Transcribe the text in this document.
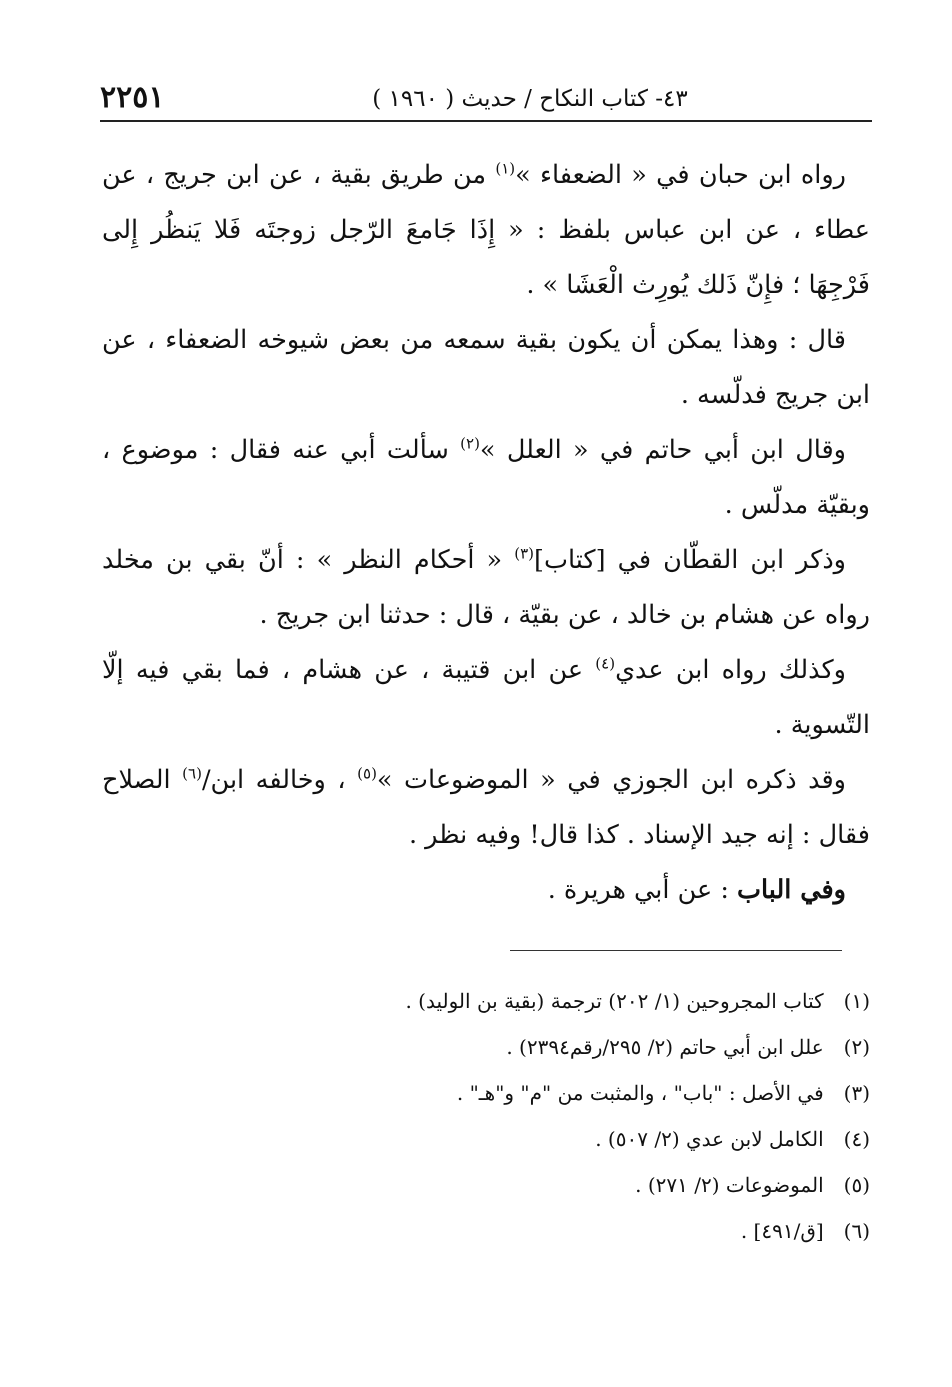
٢٢٥١	٤٣- كتاب النكاح / حديث ( ١٩٦٠ )

رواه ابن حبان في « الضعفاء »$^{(١)}$ من طريق بقية ، عن ابن جريج ، عن عطاء ، عن ابن عباس بلفظ : « إِذَا جَامعَ الرّجل زوجتَه فَلا يَنظُر إِلى فَرْجِهَا ؛ فإِنّ ذَلك يُورِث الْعَشَا » .

قال : وهذا يمكن أن يكون بقية سمعه من بعض شيوخه الضعفاء ، عن ابن جريج فدلّسه .

وقال ابن أبي حاتم في « العلل »$^{(٢)}$ سألت أبي عنه فقال : موضوع ، وبقيّة مدلّس .

وذكر ابن القطّان في [كتاب]$^{(٣)}$ « أحكام النظر » : أنّ بقي بن مخلد رواه عن هشام بن خالد ، عن بقيّة ، قال : حدثنا ابن جريج .

وكذلك رواه ابن عدي$^{(٤)}$ عن ابن قتيبة ، عن هشام ، فما بقي فيه إلّا التّسوية .

وقد ذكره ابن الجوزي في « الموضوعات »$^{(٥)}$ ، وخالفه ابن/$^{(٦)}$ الصلاح فقال : إنه جيد الإسناد . كذا قال! وفيه نظر .

وفي الباب : عن أبي هريرة .

(١) كتاب المجروحين (١/ ٢٠٢) ترجمة (بقية بن الوليد) .
(٢) علل ابن أبي حاتم (٢/ ٢٩٥/رقم٢٣٩٤) .
(٣) في الأصل : "باب" ، والمثبت من "م" و"هـ" .
(٤) الكامل لابن عدي (٢/ ٥٠٧) .
(٥) الموضوعات (٢/ ٢٧١) .
(٦) [ق/٤٩١] .
